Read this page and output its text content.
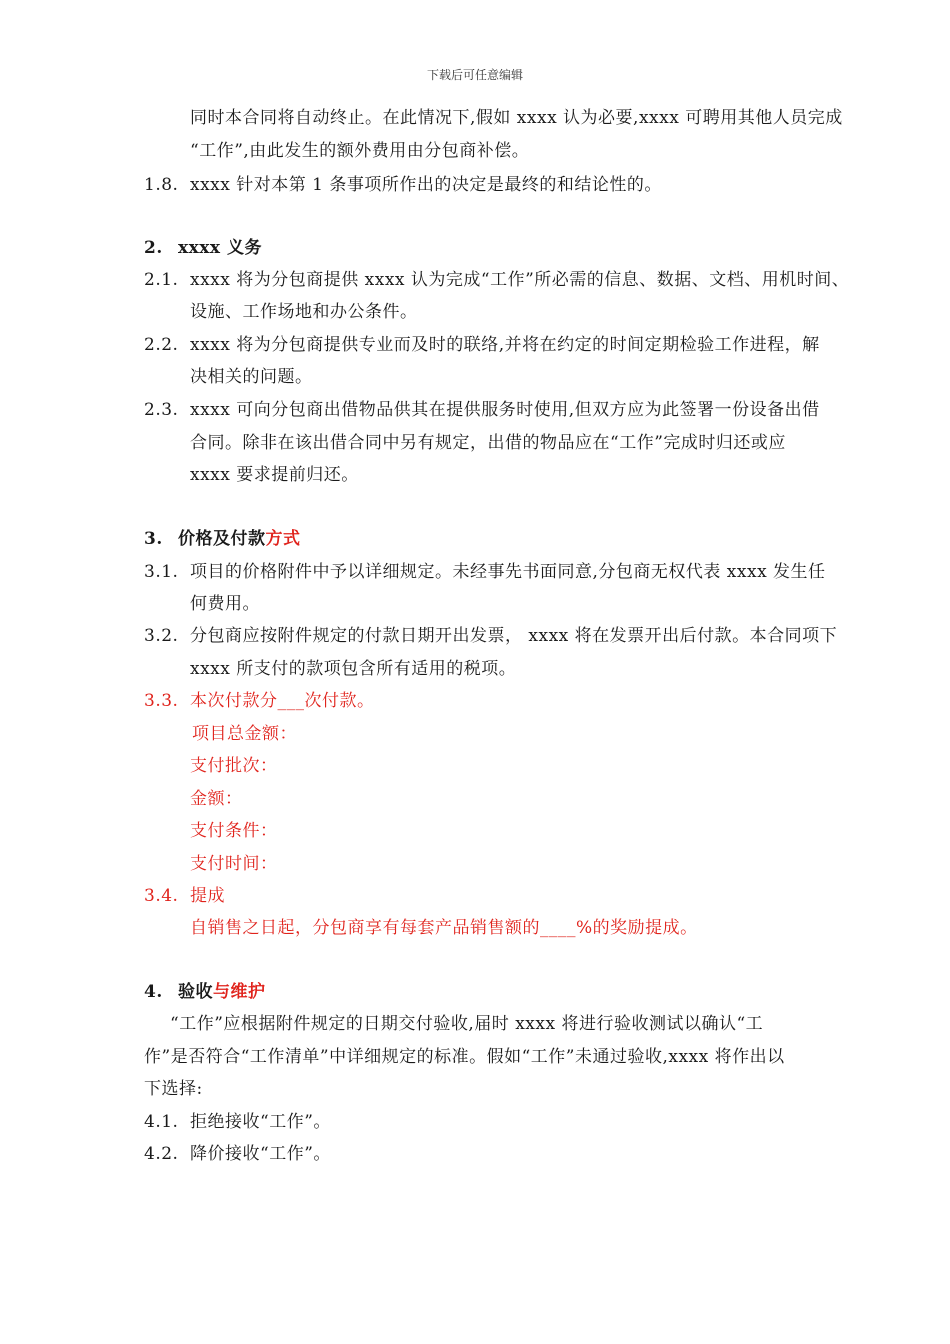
下载后可任意编辑
同时本合同将自动终止。在此情况下,假如 xxxx 认为必要,xxxx 可聘用其他人员完成
“工作”,由此发生的额外费用由分包商补偿。
1.8. xxxx 针对本第 1 条事项所作出的决定是最终的和结论性的。
2. xxxx 义务
2.1. xxxx 将为分包商提供 xxxx 认为完成“工作”所必需的信息、数据、文档、用机时间、
设施、工作场地和办公条件。
2.2. xxxx 将为分包商提供专业而及时的联络,并将在约定的时间定期检验工作进程，解
决相关的问题。
2.3. xxxx 可向分包商出借物品供其在提供服务时使用,但双方应为此签署一份设备出借
合同。除非在该出借合同中另有规定，出借的物品应在“工作”完成时归还或应
xxxx 要求提前归还。
3. 价格及付款方式
3.1. 项目的价格附件中予以详细规定。未经事先书面同意,分包商无权代表 xxxx 发生任
何费用。
3.2. 分包商应按附件规定的付款日期开出发票， xxxx 将在发票开出后付款。本合同项下
xxxx 所支付的款项包含所有适用的税项。
3.3. 本次付款分___次付款。
项目总金额：
支付批次：
金额：
支付条件：
支付时间：
3.4. 提成
自销售之日起，分包商享有每套产品销售额的____%的奖励提成。
4. 验收与维护
“工作”应根据附件规定的日期交付验收,届时 xxxx 将进行验收测试以确认“工
作”是否符合“工作清单”中详细规定的标准。假如“工作”未通过验收,xxxx 将作出以
下选择:
4.1. 拒绝接收“工作”。
4.2. 降价接收“工作”。
